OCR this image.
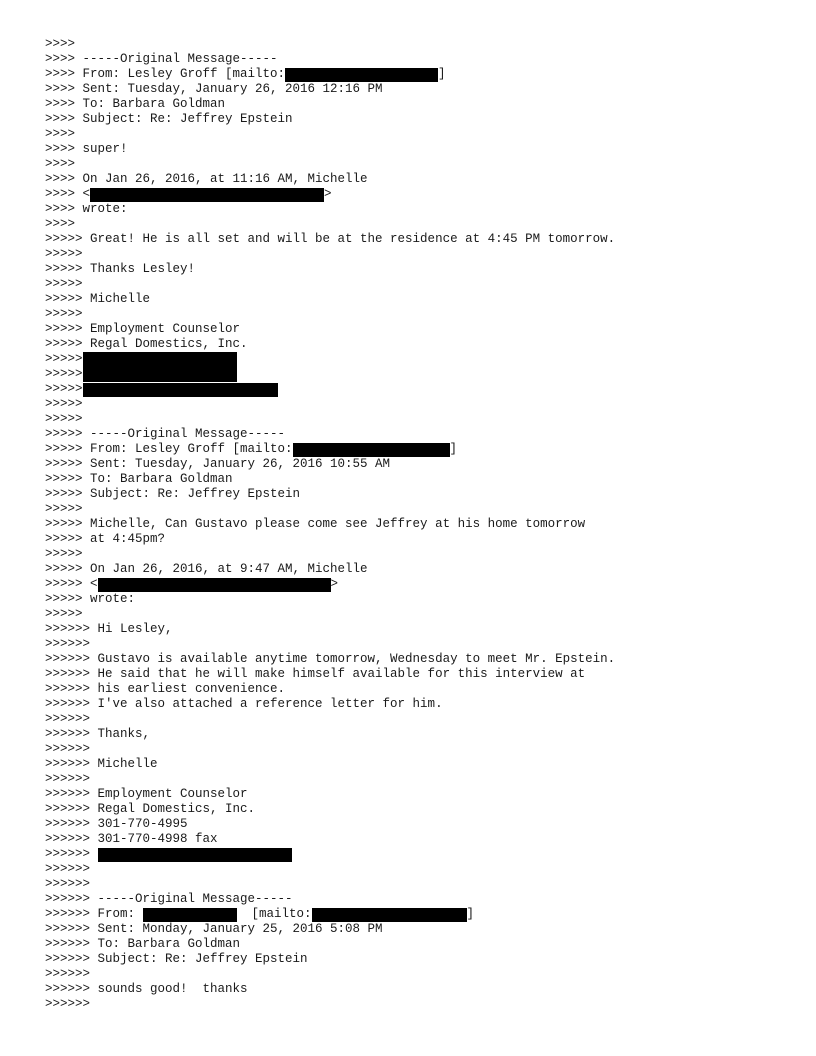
>>>>
>>>> -----Original Message-----
>>>> From: Lesley Groff [mailto:	]
>>>> Sent: Tuesday, January 26, 2016 12:16 PM
>>>> To: Barbara Goldman
>>>> Subject: Re: Jeffrey Epstein
>>>>
>>>> super!
>>>>
>>>> On Jan 26, 2016, at 11:16 AM, Michelle
>>>> <	>
>>>> wrote:
>>>>
>>>>> Great! He is all set and will be at the residence at 4:45 PM tomorrow.
>>>>>
>>>>> Thanks Lesley!
>>>>>
>>>>> Michelle
>>>>>
>>>>> Employment Counselor
>>>>> Regal Domestics, Inc.
>>>>>
>>>>>
>>>>>
>>>>>
>>>>>
>>>>> -----Original Message-----
>>>>> From: Lesley Groff [mailto:	]
>>>>> Sent: Tuesday, January 26, 2016 10:55 AM
>>>>> To: Barbara Goldman
>>>>> Subject: Re: Jeffrey Epstein
>>>>>
>>>>> Michelle, Can Gustavo please come see Jeffrey at his home tomorrow
>>>>> at 4:45pm?
>>>>>
>>>>> On Jan 26, 2016, at 9:47 AM, Michelle
>>>>> <	>
>>>>> wrote:
>>>>>
>>>>>> Hi Lesley,
>>>>>>
>>>>>> Gustavo is available anytime tomorrow, Wednesday to meet Mr. Epstein.
>>>>>> He said that he will make himself available for this interview at
>>>>>> his earliest convenience.
>>>>>> I've also attached a reference letter for him.
>>>>>>
>>>>>> Thanks,
>>>>>>
>>>>>> Michelle
>>>>>>
>>>>>> Employment Counselor
>>>>>> Regal Domestics, Inc.
>>>>>> 301-770-4995
>>>>>> 301-770-4998 fax
>>>>>>
>>>>>>
>>>>>>
>>>>>> -----Original Message-----
>>>>>> From:	[mailto:	]
>>>>>> Sent: Monday, January 25, 2016 5:08 PM
>>>>>> To: Barbara Goldman
>>>>>> Subject: Re: Jeffrey Epstein
>>>>>>
>>>>>> sounds good!  thanks
>>>>>>
